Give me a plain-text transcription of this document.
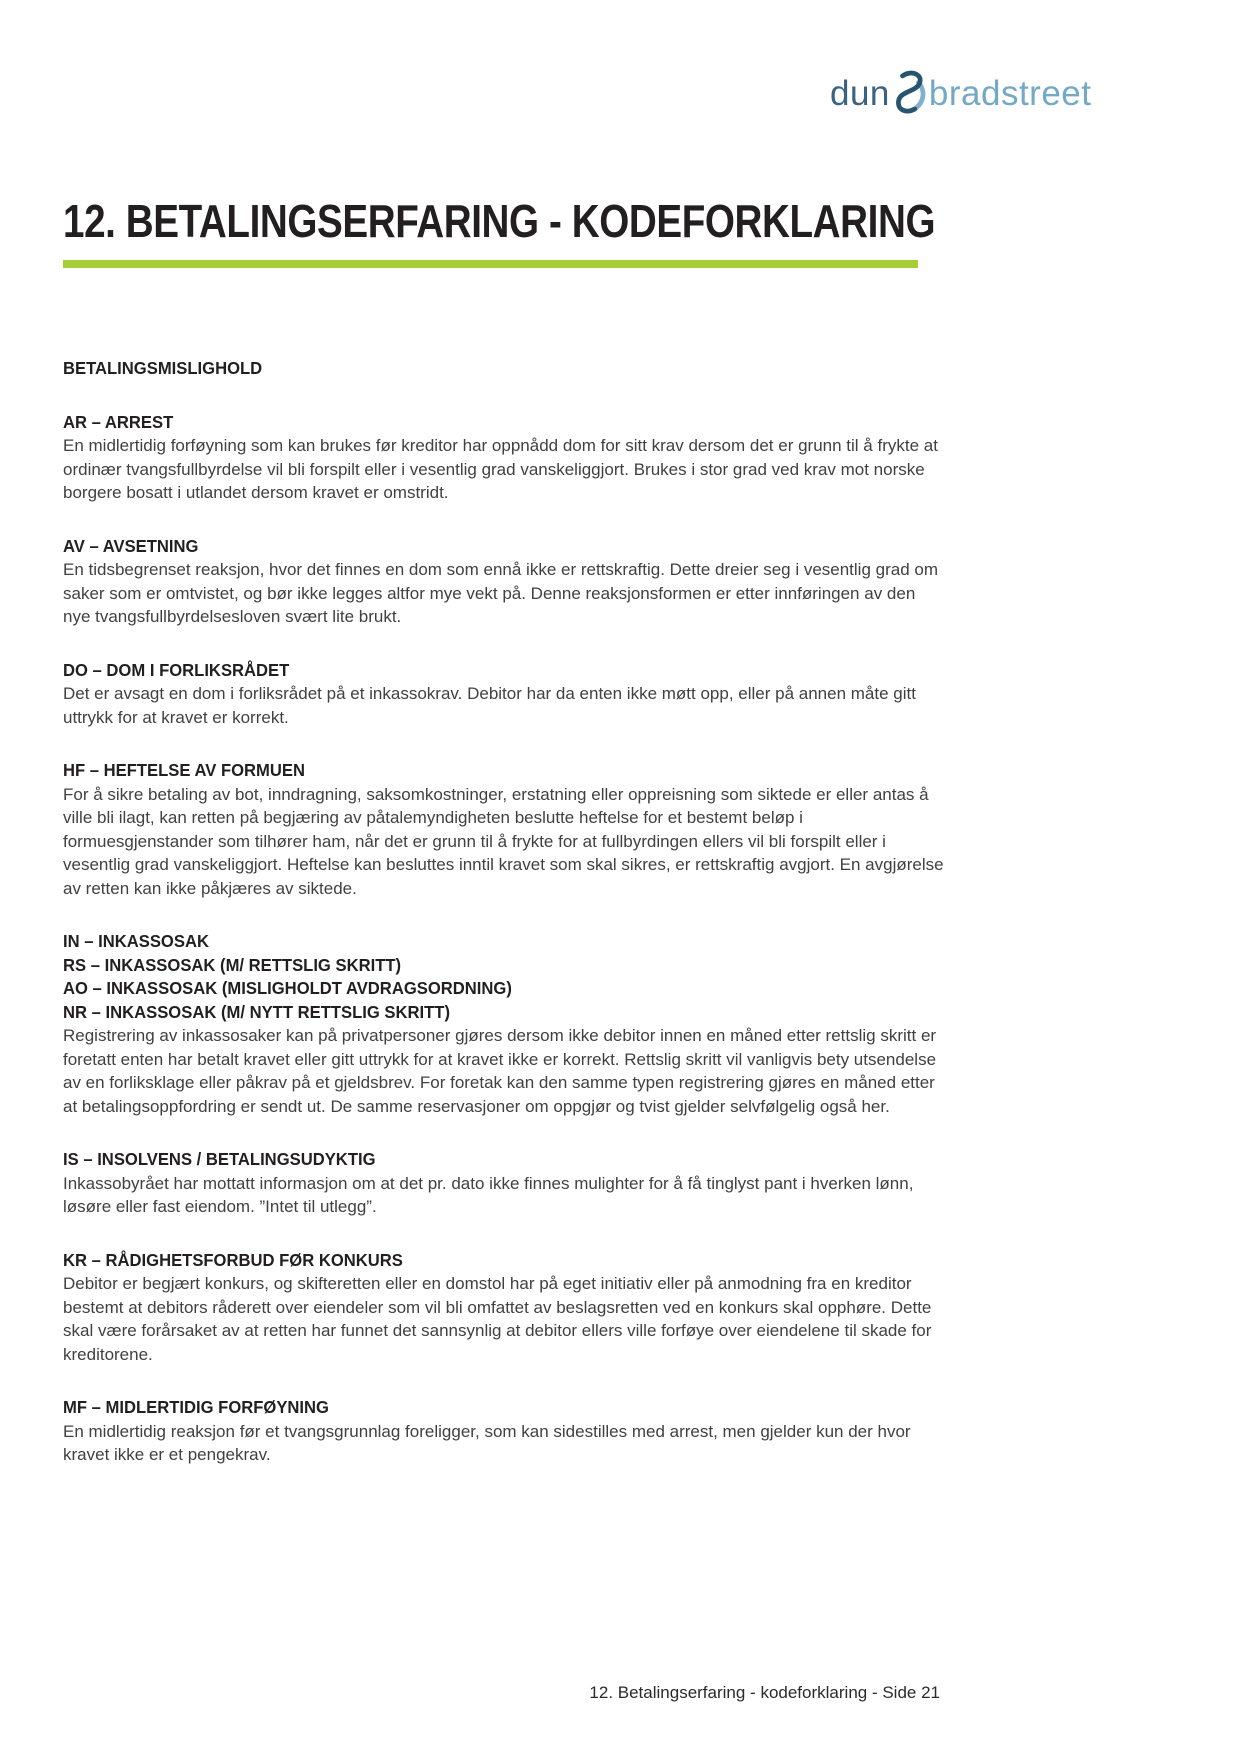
dun bradstreet
12. BETALINGSERFARING - KODEFORKLARING
BETALINGSMISLIGHOLD
AR – ARREST

En midlertidig forføyning som kan brukes før kreditor har oppnådd dom for sitt krav dersom det er grunn til å frykte at ordinær tvangsfullbyrdelse vil bli forspilt eller i vesentlig grad vanskeliggjort. Brukes i stor grad ved krav mot norske borgere bosatt i utlandet dersom kravet er omstridt.

AV – AVSETNING

En tidsbegrenset reaksjon, hvor det finnes en dom som ennå ikke er rettskraftig. Dette dreier seg i vesentlig grad om saker som er omtvistet, og bør ikke legges altfor mye vekt på. Denne reaksjonsformen er etter innføringen av den nye tvangsfullbyrdelsesloven svært lite brukt.

DO – DOM I FORLIKSRÅDET

Det er avsagt en dom i forliksrådet på et inkassokrav. Debitor har da enten ikke møtt opp, eller på annen måte gitt uttrykk for at kravet er korrekt.

HF – HEFTELSE AV FORMUEN

For å sikre betaling av bot, inndragning, saksomkostninger, erstatning eller oppreisning som siktede er eller antas å ville bli ilagt, kan retten på begjæring av påtalemyndigheten beslutte heftelse for et bestemt beløp i formuesgjenstander som tilhører ham, når det er grunn til å frykte for at fullbyrdingen ellers vil bli forspilt eller i vesentlig grad vanskeliggjort. Heftelse kan besluttes inntil kravet som skal sikres, er rettskraftig avgjort. En avgjørelse av retten kan ikke påkjæres av siktede.

IN – INKASSOSAK
RS – INKASSOSAK (M/ RETTSLIG SKRITT)
AO – INKASSOSAK (MISLIGHOLDT AVDRAGSORDNING)
NR – INKASSOSAK (M/ NYTT RETTSLIG SKRITT)

Registrering av inkassosaker kan på privatpersoner gjøres dersom ikke debitor innen en måned etter rettslig skritt er foretatt enten har betalt kravet eller gitt uttrykk for at kravet ikke er korrekt. Rettslig skritt vil vanligvis bety utsendelse av en forliksklage eller påkrav på et gjeldsbrev. For foretak kan den samme typen registrering gjøres en måned etter at betalingsoppfordring er sendt ut. De samme reservasjoner om oppgjør og tvist gjelder selvfølgelig også her.

IS – INSOLVENS / BETALINGSUDYKTIG

Inkassobyrået har mottatt informasjon om at det pr. dato ikke finnes mulighter for å få tinglyst pant i hverken lønn, løsøre eller fast eiendom. ”Intet til utlegg”.

KR – RÅDIGHETSFORBUD FØR KONKURS

Debitor er begjært konkurs, og skifteretten eller en domstol har på eget initiativ eller på anmodning fra en kreditor bestemt at debitors råderett over eiendeler som vil bli omfattet av beslagsretten ved en konkurs skal opphøre. Dette skal være forårsaket av at retten har funnet det sannsynlig at debitor ellers ville forføye over eiendelene til skade for kreditorene.

MF – MIDLERTIDIG FORFØYNING

En midlertidig reaksjon før et tvangsgrunnlag foreligger, som kan sidestilles med arrest, men gjelder kun der hvor kravet ikke er et pengekrav.

12. Betalingserfaring - kodeforklaring - Side 21
